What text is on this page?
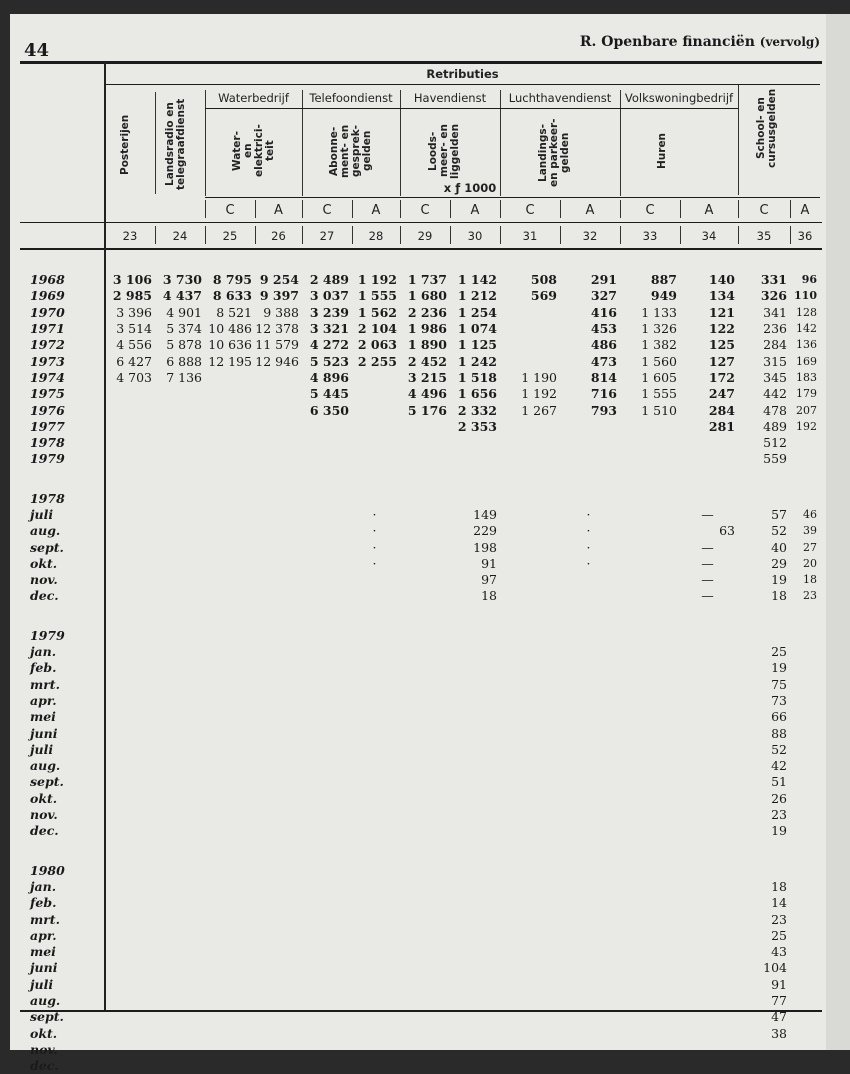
44	R. Openbare financiën (vervolg)
Retributies
Posterijen	Landsradio en
telegraafdienst
Waterbedrijf
Water-
en
elektrici-
teit
Telefoondienst
Abonne-
ment- en
gesprek-
gelden
Havendienst
Loods-
meer- en
liggelden
Luchthavendienst
Landings-
en parkeer-
gelden
Volkswoningbedrijf
Huren	School- en
cursusgelden
x ƒ 1000
C	A	C	A	C	A	C	A	C	A	C	A
23	24	25	26	27	28	29	30	31	32	33	34	35	36
1968	3 106	3 730	8 795	9 254	2 489	1 192	1 737	1 142	508	291	887	140	331	96
1969	2 985	4 437	8 633	9 397	3 037	1 555	1 680	1 212	569	327	949	134	326	110
1970	3 396	4 901	8 521	9 388	3 239	1 562	2 236	1 254		416	1 133	121	341	128
1971	3 514	5 374	10 486	12 378	3 321	2 104	1 986	1 074		453	1 326	122	236	142
1972	4 556	5 878	10 636	11 579	4 272	2 063	1 890	1 125		486	1 382	125	284	136
1973	6 427	6 888	12 195	12 946	5 523	2 255	2 452	1 242		473	1 560	127	315	169
1974	4 703	7 136			4 896		3 215	1 518	1 190	814	1 605	172	345	183
1975					5 445		4 496	1 656	1 192	716	1 555	247	442	179
1976					6 350		5 176	2 332	1 267	793	1 510	284	478	207
1977								2 353				281	489	192
1978													512	
1979													559	

1978														
juli						·		149		·		—	57	46
aug.						·		229		·		63	52	39
sept.						·		198		·		—	40	27
okt.						·		91		·		—	29	20
nov.								97				—	19	18
dec.								18				—	18	23

1979														
jan.													25	
feb.													19	
mrt.													75	
apr.													73	
mei													66	
juni													88	
juli													52	
aug.													42	
sept.													51	
okt.													26	
nov.													23	
dec.													19	

1980														
jan.													18	
feb.													14	
mrt.													23	
apr.													25	
mei													43	
juni													104	
juli													91	
aug.													77	
sept.													47	
okt.													38	
nov.														
dec.														
